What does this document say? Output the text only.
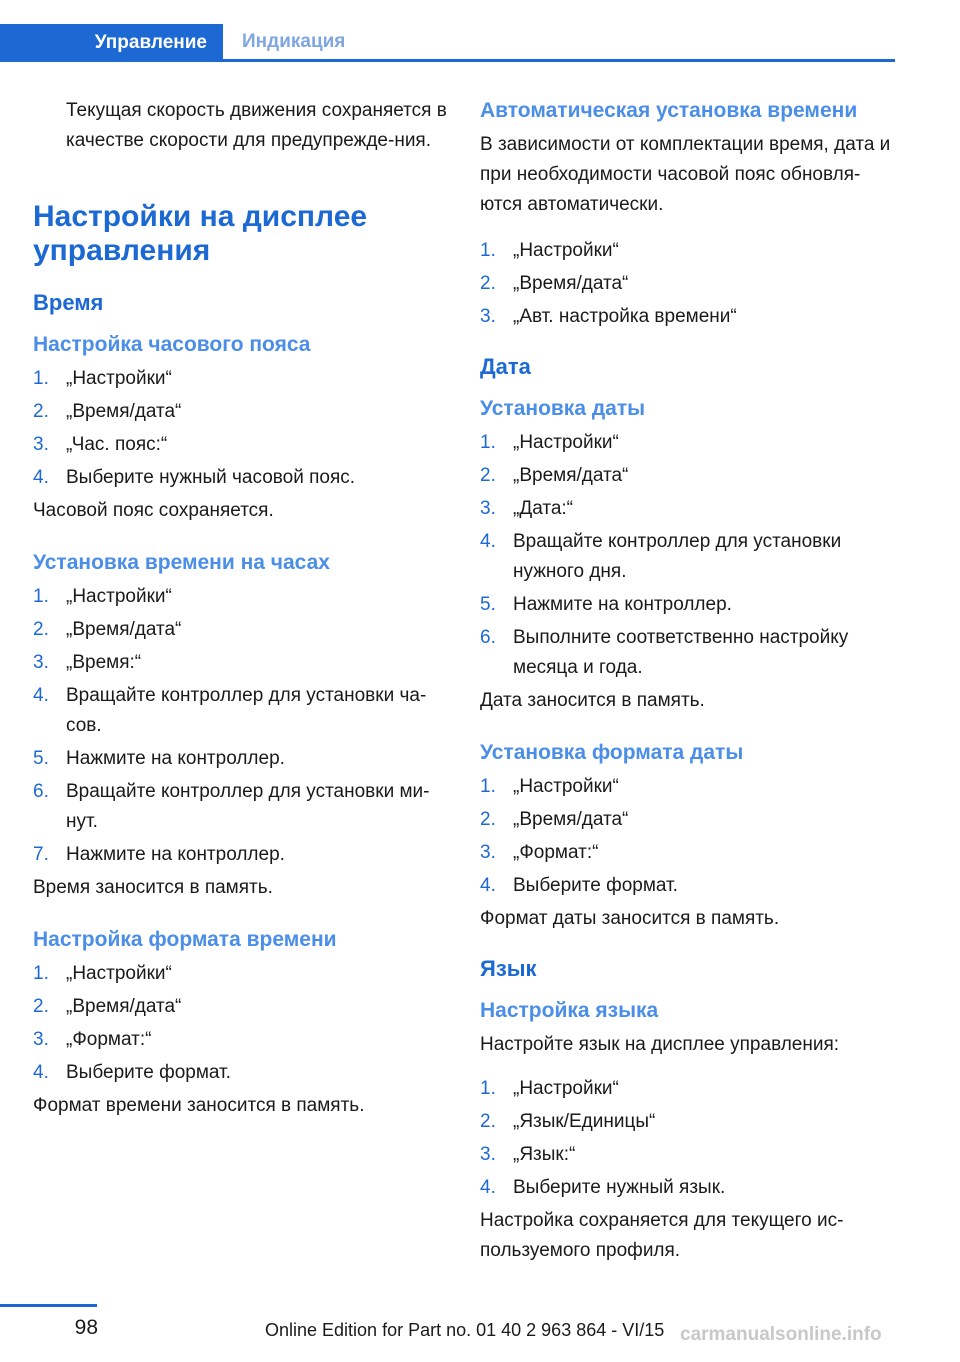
Управление	Индикация

Текущая скорость движения сохраняется в качестве скорости для предупрежде-ния.

Настройки на дисплее управления
Время
Настройка часового пояса
1. „Настройки“
2. „Время/дата“
3. „Час. пояс:“
4. Выберите нужный часовой пояс.

Часовой пояс сохраняется.

Установка времени на часах
1. „Настройки“
2. „Время/дата“
3. „Время:“
4. Вращайте контроллер для установки ча-сов.
5. Нажмите на контроллер.
6. Вращайте контроллер для установки ми-нут.
7. Нажмите на контроллер.

Время заносится в память.

Настройка формата времени
1. „Настройки“
2. „Время/дата“
3. „Формат:“
4. Выберите формат.

Формат времени заносится в память.

Автоматическая установка времени

В зависимости от комплектации время, дата и при необходимости часовой пояс обновля-ются автоматически.

1. „Настройки“
2. „Время/дата“
3. „Авт. настройка времени“
Дата
Установка даты
1. „Настройки“
2. „Время/дата“
3. „Дата:“
4. Вращайте контроллер для установки нужного дня.
5. Нажмите на контроллер.
6. Выполните соответственно настройку месяца и года.

Дата заносится в память.

Установка формата даты
1. „Настройки“
2. „Время/дата“
3. „Формат:“
4. Выберите формат.

Формат даты заносится в память.

Язык
Настройка языка

Настройте язык на дисплее управления:

1. „Настройки“
2. „Язык/Единицы“
3. „Язык:“
4. Выберите нужный язык.

Настройка сохраняется для текущего ис-пользуемого профиля.

98	Online Edition for Part no. 01 40 2 963 864 - VI/15 carmanualsonline.info
